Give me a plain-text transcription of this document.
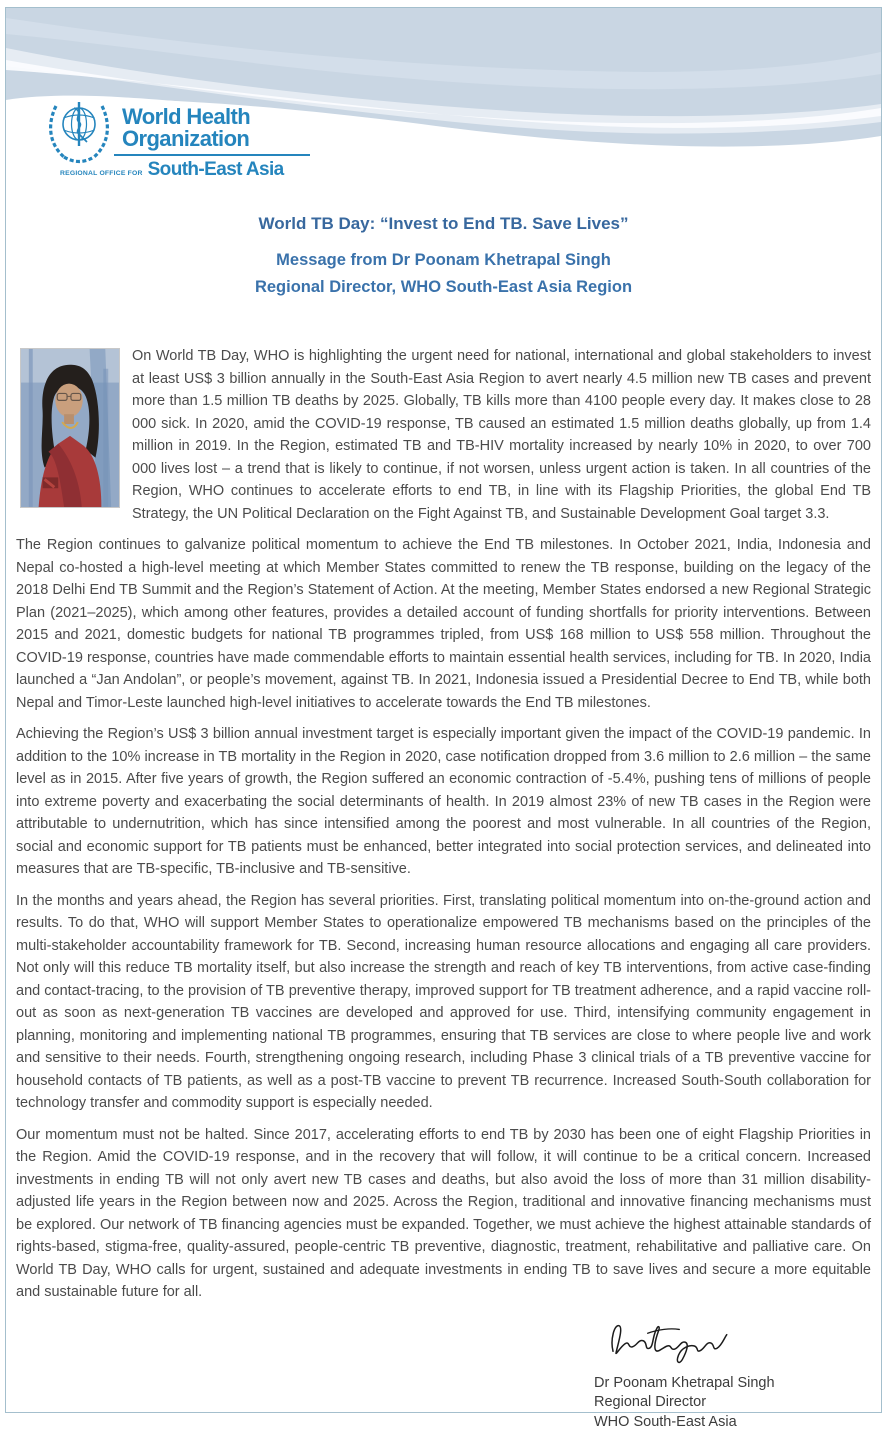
World Health
Organization
REGIONAL OFFICE FOR South-East Asia
World TB Day: “Invest to End TB. Save Lives”
Message from Dr Poonam Khetrapal Singh
Regional Director, WHO South-East Asia Region
On World TB Day, WHO is highlighting the urgent need for national, international and global stakeholders to invest at least US$ 3 billion annually in the South-East Asia Region to avert nearly 4.5 million new TB cases and prevent more than 1.5 million TB deaths by 2025. Globally, TB kills more than 4100 people every day. It makes close to 28 000 sick. In 2020, amid the COVID-19 response, TB caused an estimated 1.5 million deaths globally, up from 1.4 million in 2019. In the Region, estimated TB and TB-HIV mortality increased by nearly 10% in 2020, to over 700 000 lives lost – a trend that is likely to continue, if not worsen, unless urgent action is taken. In all countries of the Region, WHO continues to accelerate efforts to end TB, in line with its Flagship Priorities, the global End TB Strategy, the UN Political Declaration on the Fight Against TB, and Sustainable Development Goal target 3.3.

The Region continues to galvanize political momentum to achieve the End TB milestones. In October 2021, India, Indonesia and Nepal co-hosted a high-level meeting at which Member States committed to renew the TB response, building on the legacy of the 2018 Delhi End TB Summit and the Region’s Statement of Action. At the meeting, Member States endorsed a new Regional Strategic Plan (2021–2025), which among other features, provides a detailed account of funding shortfalls for priority interventions. Between 2015 and 2021, domestic budgets for national TB programmes tripled, from US$ 168 million to US$ 558 million. Throughout the COVID-19 response, countries have made commendable efforts to maintain essential health services, including for TB. In 2020, India launched a “Jan Andolan”, or people’s movement, against TB. In 2021, Indonesia issued a Presidential Decree to End TB, while both Nepal and Timor-Leste launched high-level initiatives to accelerate towards the End TB milestones.

Achieving the Region’s US$ 3 billion annual investment target is especially important given the impact of the COVID-19 pandemic. In addition to the 10% increase in TB mortality in the Region in 2020, case notification dropped from 3.6 million to 2.6 million – the same level as in 2015. After five years of growth, the Region suffered an economic contraction of -5.4%, pushing tens of millions of people into extreme poverty and exacerbating the social determinants of health. In 2019 almost 23% of new TB cases in the Region were attributable to undernutrition, which has since intensified among the poorest and most vulnerable. In all countries of the Region, social and economic support for TB patients must be enhanced, better integrated into social protection services, and delineated into measures that are TB-specific, TB-inclusive and TB-sensitive.

In the months and years ahead, the Region has several priorities. First, translating political momentum into on-the-ground action and results. To do that, WHO will support Member States to operationalize empowered TB mechanisms based on the principles of the multi-stakeholder accountability framework for TB. Second, increasing human resource allocations and engaging all care providers. Not only will this reduce TB mortality itself, but also increase the strength and reach of key TB interventions, from active case-finding and contact-tracing, to the provision of TB preventive therapy, improved support for TB treatment adherence, and a rapid vaccine roll-out as soon as next-generation TB vaccines are developed and approved for use. Third, intensifying community engagement in planning, monitoring and implementing national TB programmes, ensuring that TB services are close to where people live and work and sensitive to their needs. Fourth, strengthening ongoing research, including Phase 3 clinical trials of a TB preventive vaccine for household contacts of TB patients, as well as a post-TB vaccine to prevent TB recurrence. Increased South-South collaboration for technology transfer and commodity support is especially needed.

Our momentum must not be halted. Since 2017, accelerating efforts to end TB by 2030 has been one of eight Flagship Priorities in the Region. Amid the COVID-19 response, and in the recovery that will follow, it will continue to be a critical concern. Increased investments in ending TB will not only avert new TB cases and deaths, but also avoid the loss of more than 31 million disability-adjusted life years in the Region between now and 2025. Across the Region, traditional and innovative financing mechanisms must be explored. Our network of TB financing agencies must be expanded. Together, we must achieve the highest attainable standards of rights-based, stigma-free, quality-assured, people-centric TB preventive, diagnostic, treatment, rehabilitative and palliative care. On World TB Day, WHO calls for urgent, sustained and adequate investments in ending TB to save lives and secure a more equitable and sustainable future for all.

Dr Poonam Khetrapal Singh
Regional Director
WHO South-East Asia
